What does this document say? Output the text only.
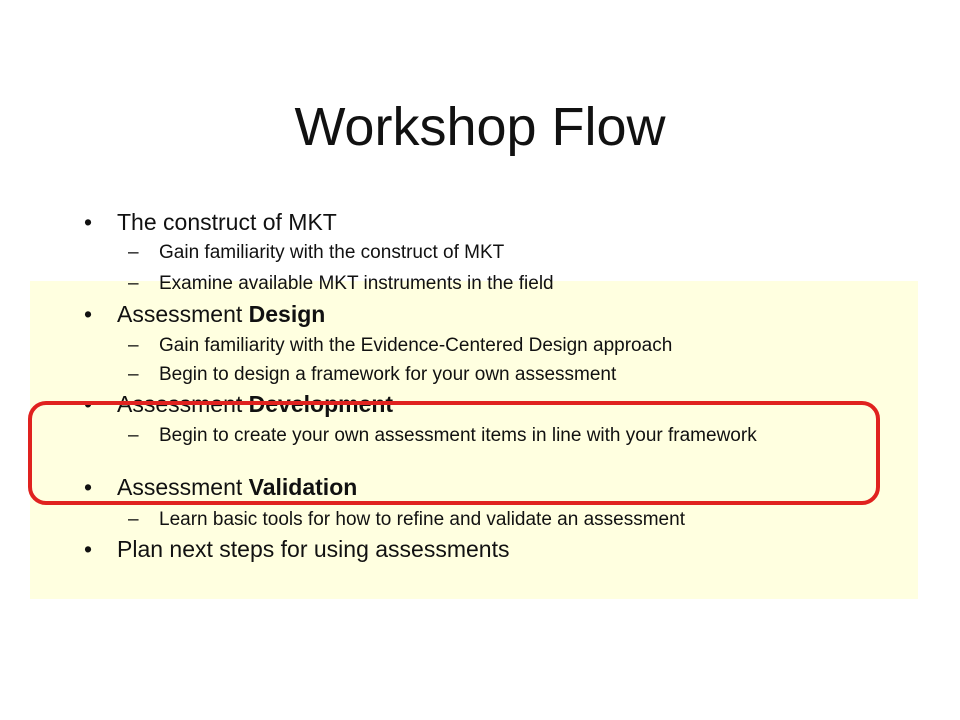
Workshop Flow
• The construct of MKT
– Gain familiarity with the construct of MKT
– Examine available MKT instruments in the field
• Assessment Design
– Gain familiarity with the Evidence-Centered Design approach
– Begin to design a framework for your own assessment
• Assessment Development
– Begin to create your own assessment items in line with your framework
• Assessment Validation
– Learn basic tools for how to refine and validate an assessment
• Plan next steps for using assessments
